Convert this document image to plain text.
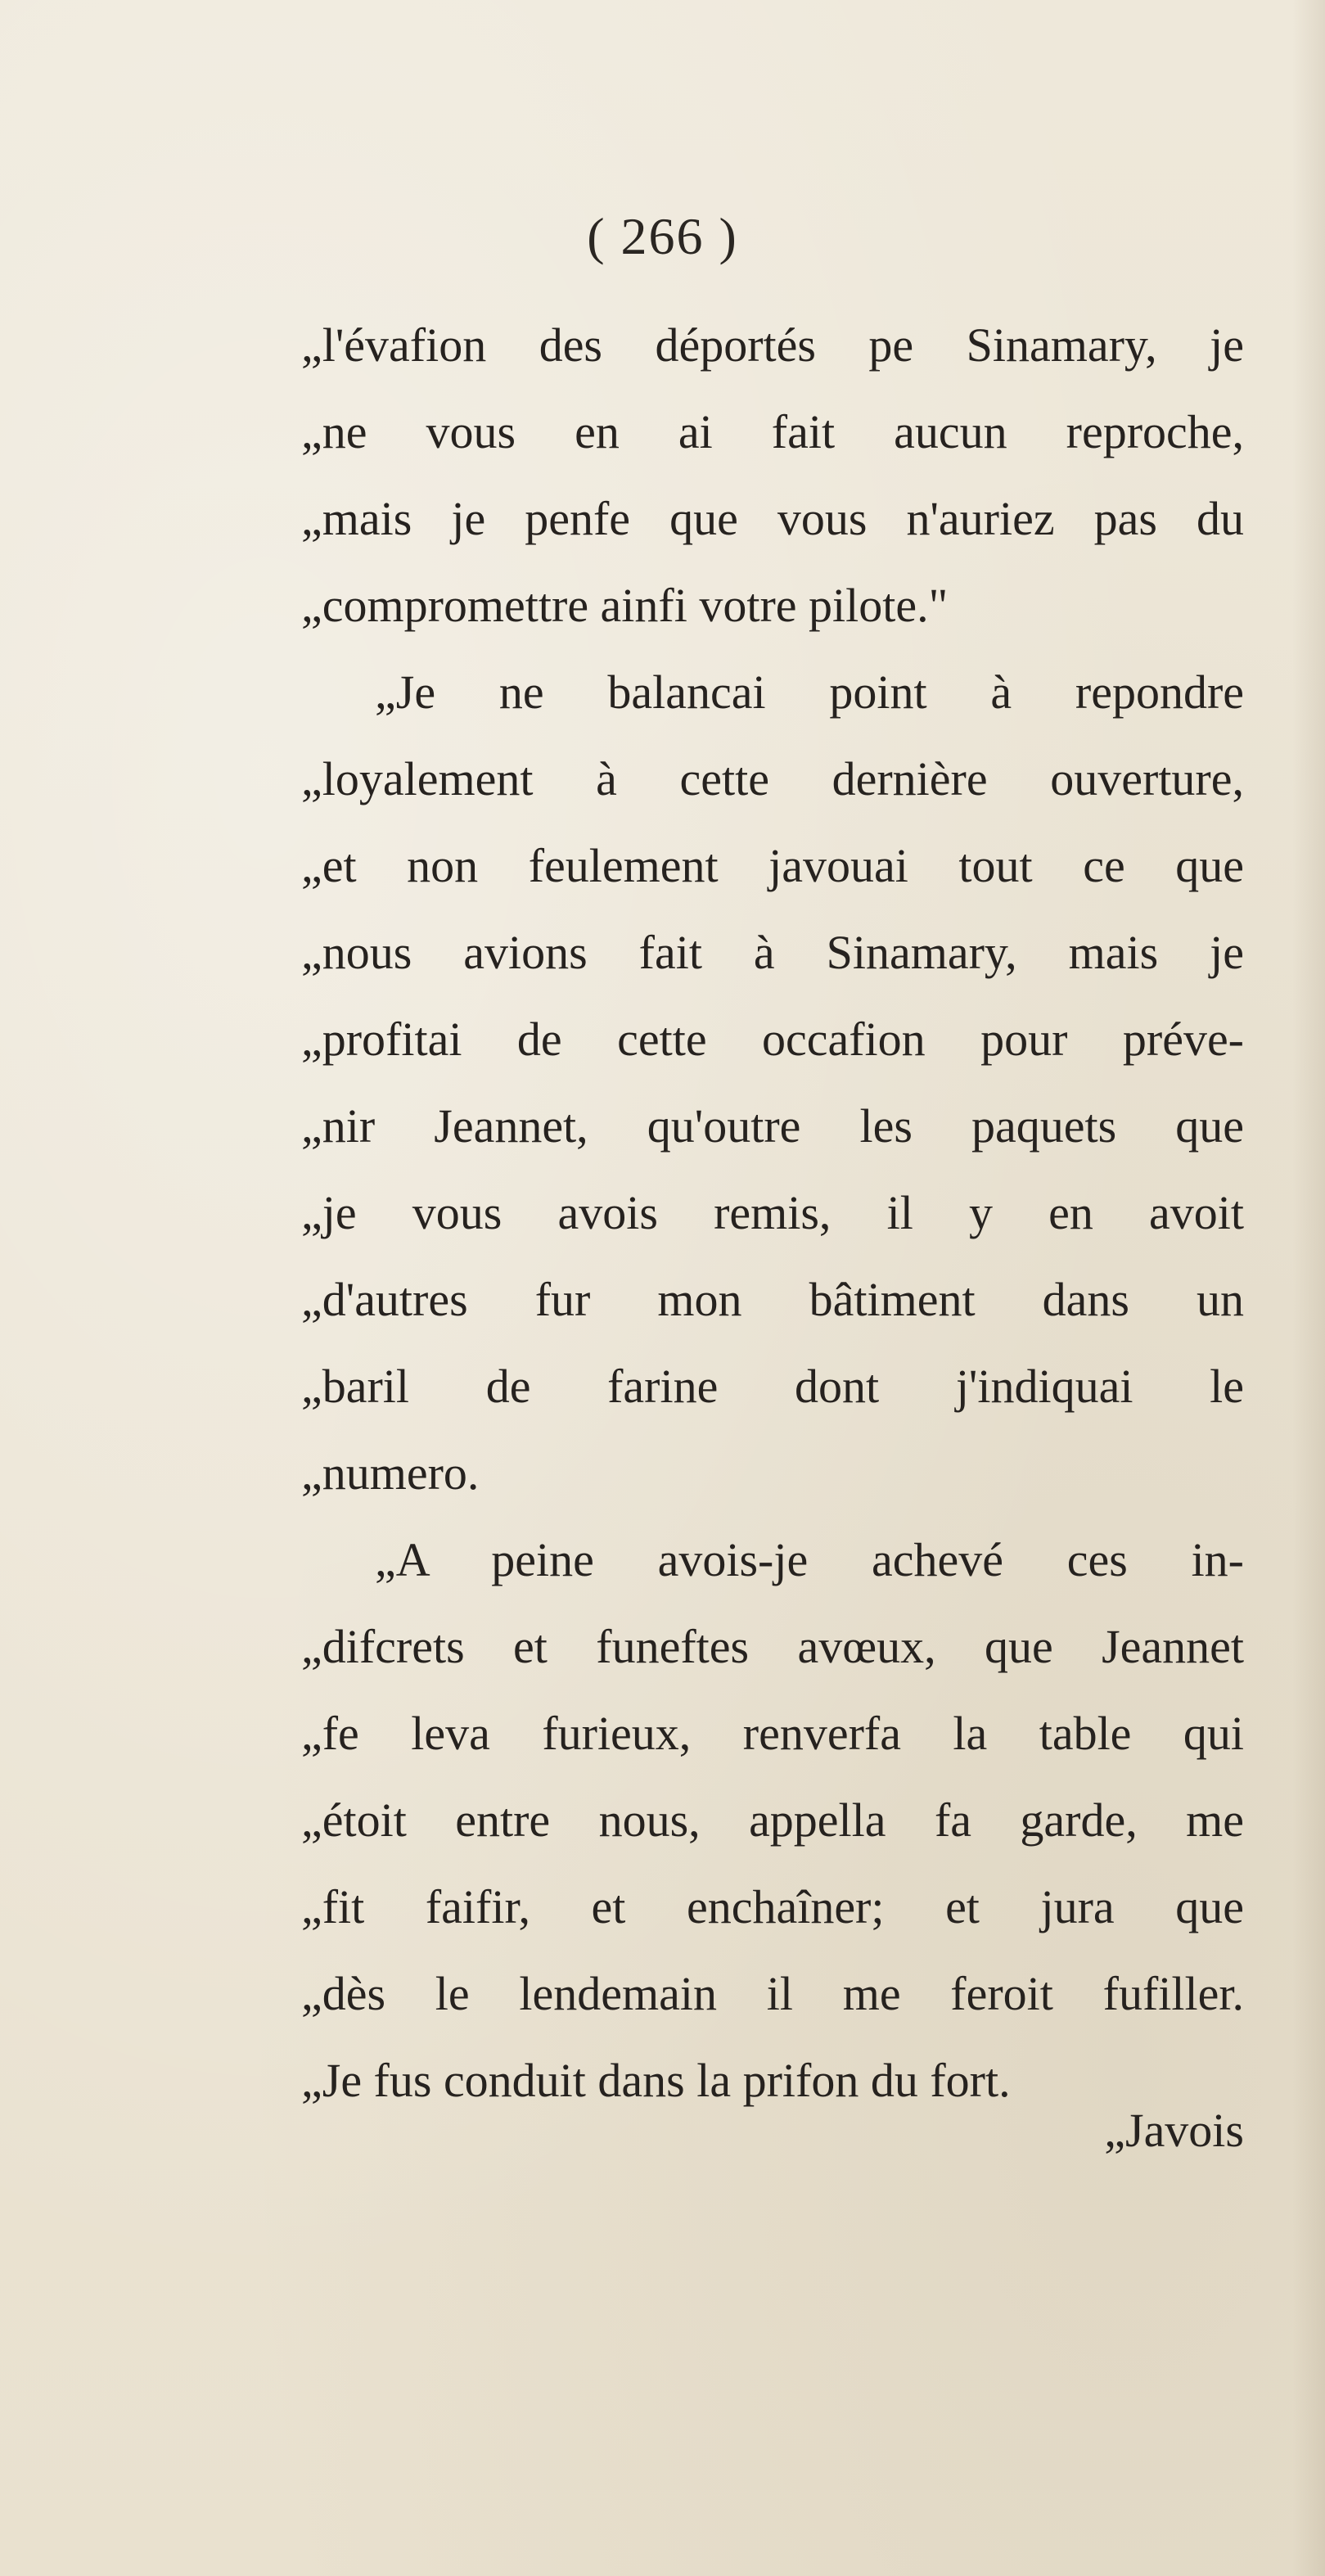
( 266 )

„l'évafion des déportés pe Sinamary, je
„ne vous en ai fait aucun reproche,
„mais je penfe que vous n'auriez pas du
„compromettre ainfi votre pilote."
„Je ne balancai point à repondre
„loyalement à cette dernière ouverture,
„et non feulement javouai tout ce que
„nous avions fait à Sinamary, mais je
„profitai de cette occafion pour préve-
„nir Jeannet, qu'outre les paquets que
„je vous avois remis, il y en avoit
„d'autres fur mon bâtiment dans un
„baril de farine dont j'indiquai le
„numero.
„A peine avois-je achevé ces in-
„difcrets et funeftes avœux, que Jeannet
„fe leva furieux, renverfa la table qui
„étoit entre nous, appella fa garde, me
„fit faifir, et enchaîner; et jura que
„dès le lendemain il me feroit fufiller.
„Je fus conduit dans la prifon du fort.
„Javois
